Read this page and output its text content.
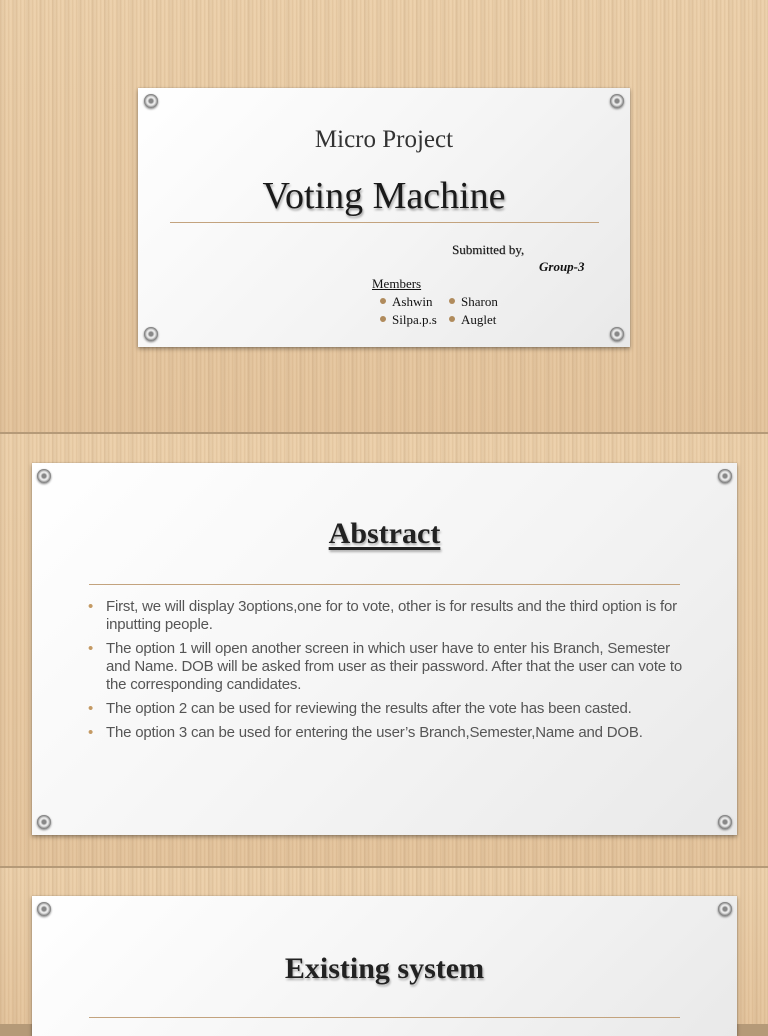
Micro Project
Voting Machine
Submitted by,
Group-3
Members
Ashwin	Sharon
Silpa.p.s	Auglet
Abstract
• First, we will display 3options,one for to vote, other is for results and the third option is for inputting people.
• The option 1 will open another screen in which user have to enter his Branch, Semester and Name. DOB will be asked from user as their password. After that the user can vote to the corresponding candidates.
• The option 2 can be used for reviewing the results after the vote has been casted.
• The option 3 can be used for entering the user’s Branch,Semester,Name and DOB.
Existing system
